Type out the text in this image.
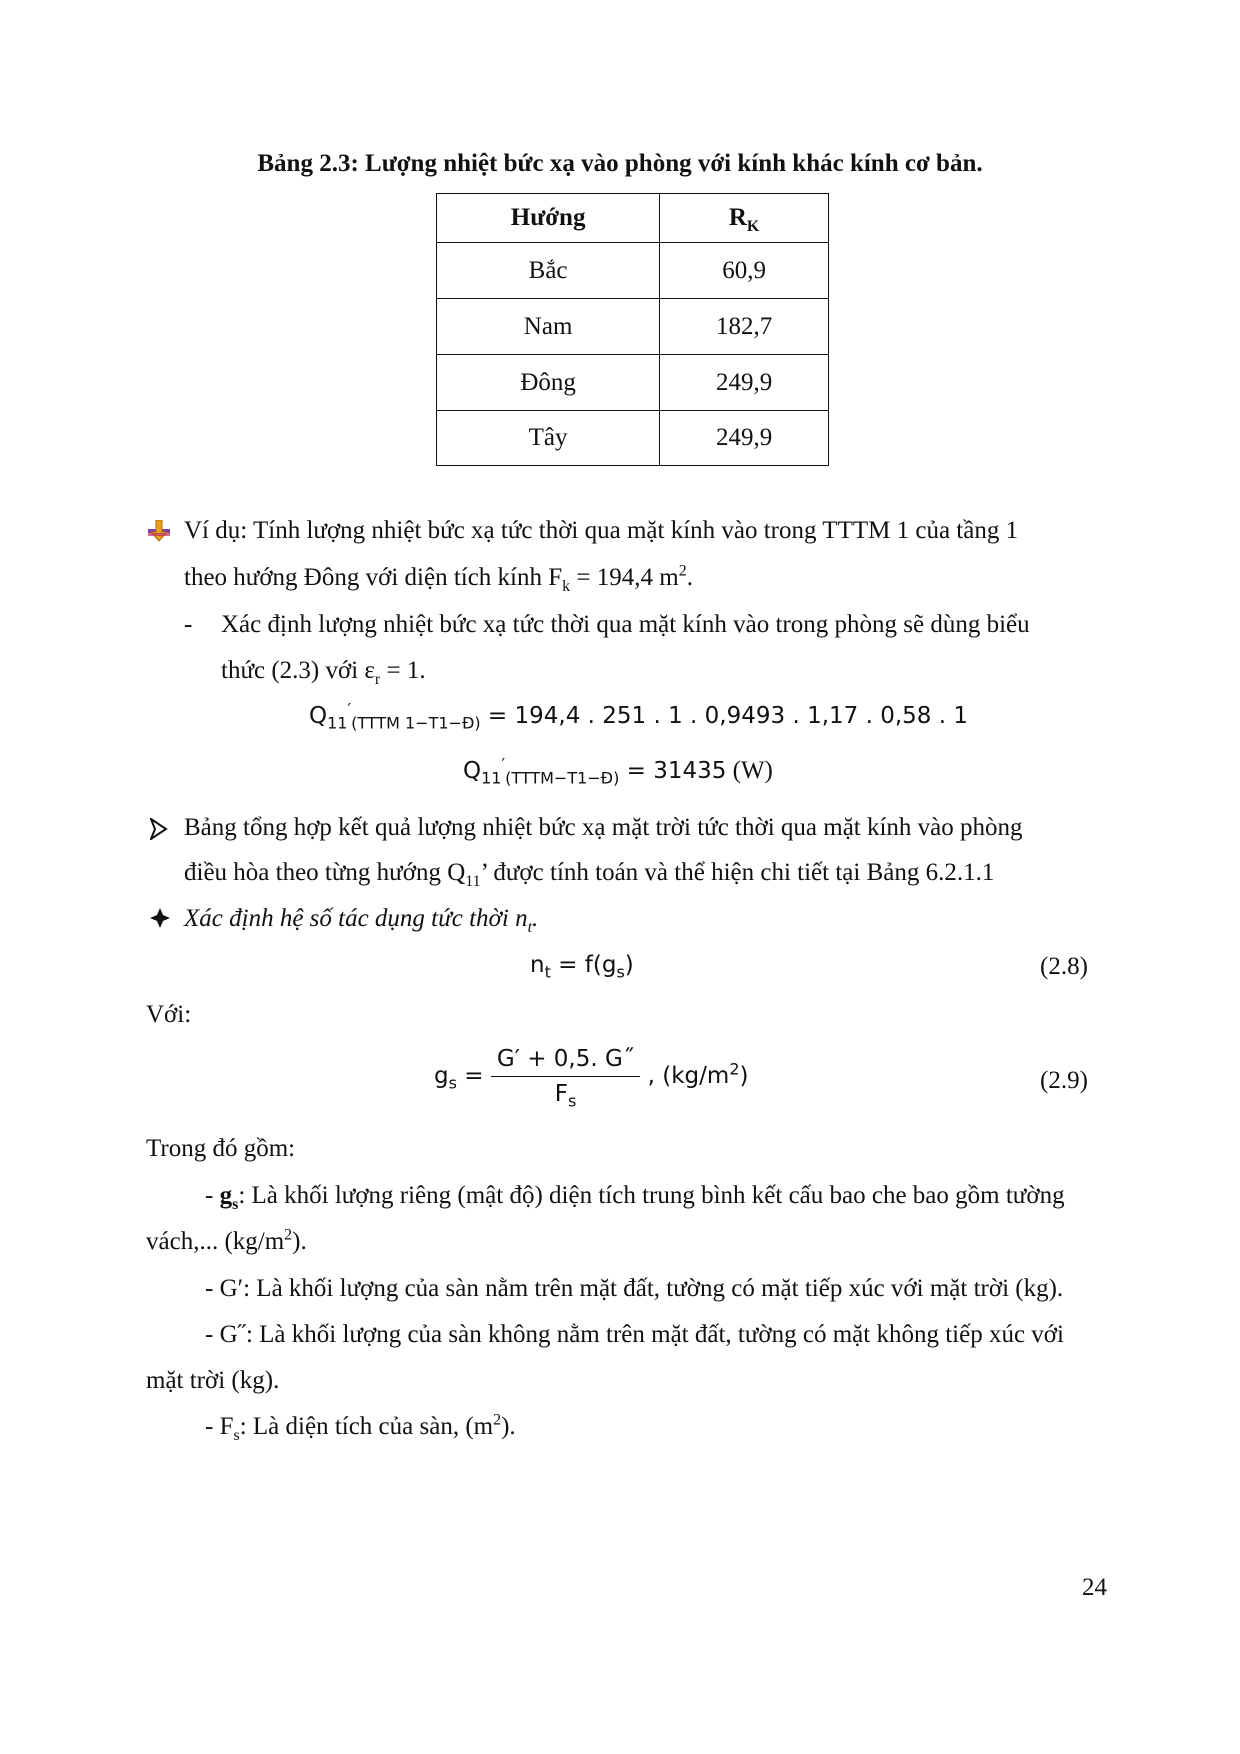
Bảng 2.3: Lượng nhiệt bức xạ vào phòng với kính khác kính cơ bản.
Hướng	$R_K$
Bắc	60,9
Nam	182,7
Đông	249,9
Tây	249,9
Ví dụ: Tính lượng nhiệt bức xạ tức thời qua mặt kính vào trong TTTM 1 của tầng 1
theo hướng Đông với diện tích kính $F_k = 194,4$ $m^2$.
- Xác định lượng nhiệt bức xạ tức thời qua mặt kính vào trong phòng sẽ dùng biểu
thức (2.3) với $\varepsilon_r = 1$.
$Q_{11}'_{(TTTM 1-T1-Đ)} = 194,4$ . 251 . 1 . 0,9493 . 1,17 . 0,58 . 1
$Q_{11}'_{(TTTM-T1-Đ)} = 31435$ (W)
Bảng tổng hợp kết quả lượng nhiệt bức xạ mặt trời tức thời qua mặt kính vào phòng
điều hòa theo từng hướng $Q_{11}$’ được tính toán và thể hiện chi tiết tại Bảng 6.2.1.1
Xác định hệ số tác dụng tức thời $n_t$.
$n_t = f(g_s)$	(2.8)
Với:
$g_s = \frac{G' + 0,5. G˝}{F_s}$ , $(kg/m^2)$	(2.9)
Trong đó gồm:
- $g_s$: Là khối lượng riêng (mật độ) diện tích trung bình kết cấu bao che bao gồm tường
vách,... $(kg/m^2)$.
- G′: Là khối lượng của sàn nằm trên mặt đất, tường có mặt tiếp xúc với mặt trời (kg).
- G˝: Là khối lượng của sàn không nằm trên mặt đất, tường có mặt không tiếp xúc với
mặt trời (kg).
- $F_s$: Là diện tích của sàn, $(m^2)$.
24
